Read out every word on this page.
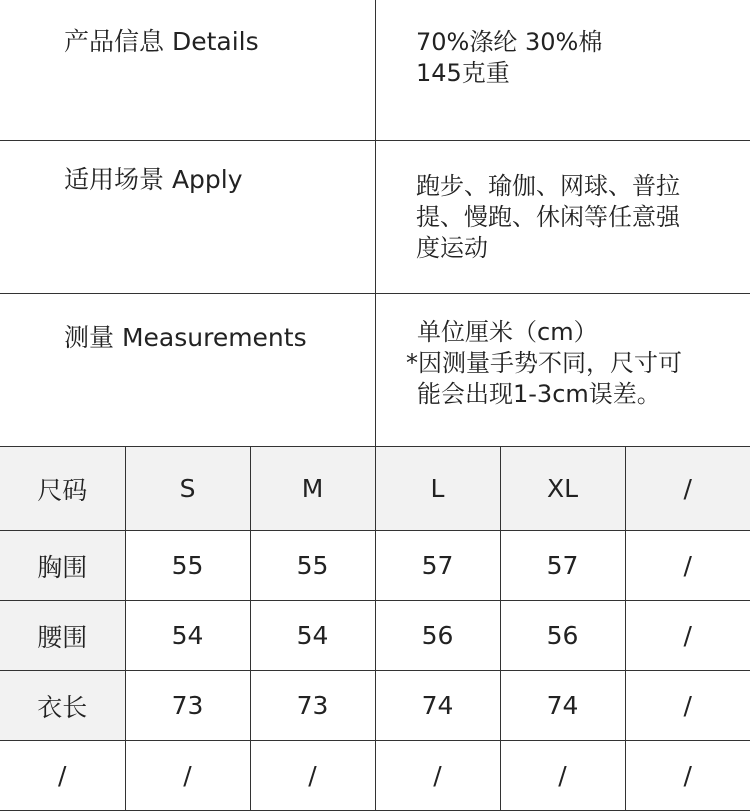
产品信息 Details	70%涤纶 30%棉
145克重
适用场景 Apply	跑步、瑜伽、网球、普拉
提、慢跑、休闲等任意强
度运动
测量 Measurements	单位厘米（cm）
*因测量手势不同，尺寸可
能会出现1-3cm误差。
尺码	S	M	L	XL	/
胸围	55	55	57	57	/
腰围	54	54	56	56	/
衣长	73	73	74	74	/
/	/	/	/	/	/
